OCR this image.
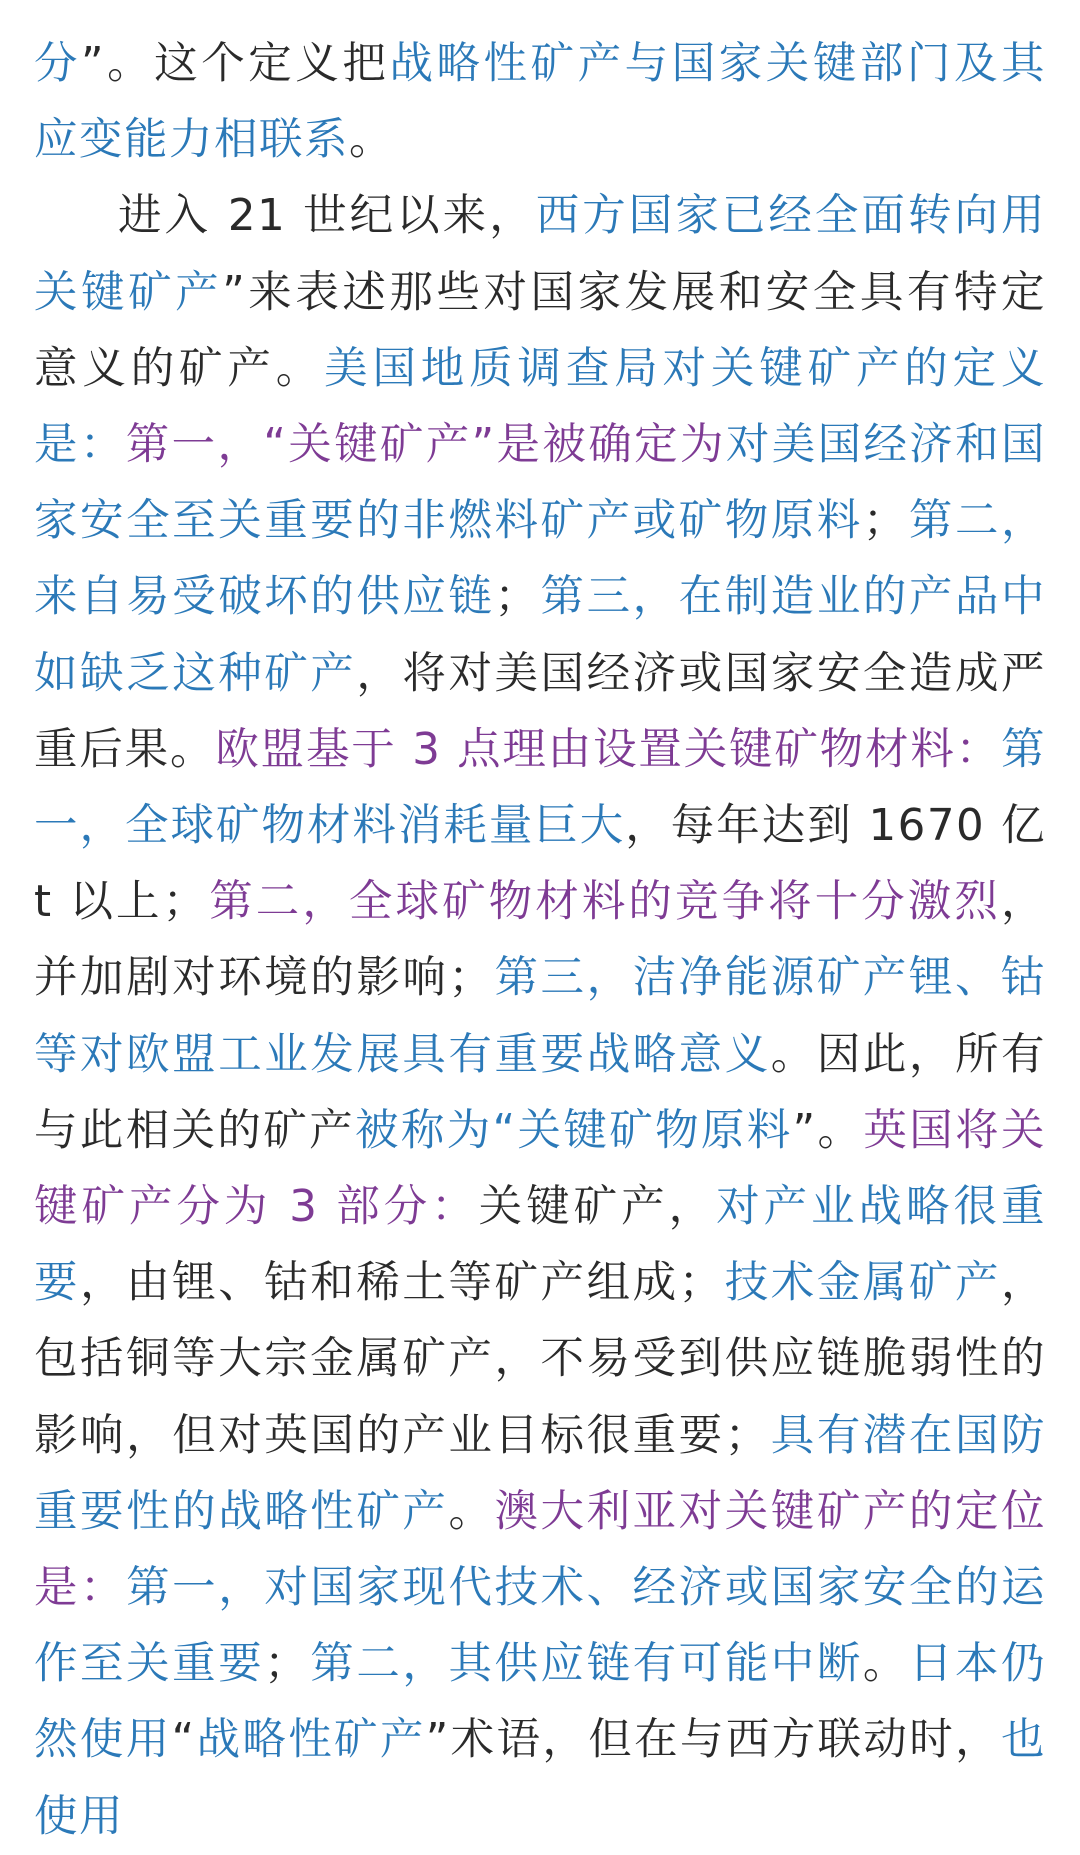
分”。这个定义把战略性矿产与国家关键部门及其应变能力相联系。

进入 21 世纪以来，西方国家已经全面转向用关键矿产”来表述那些对国家发展和安全具有特定意义的矿产。美国地质调查局对关键矿产的定义是：第一，“关键矿产”是被确定为对美国经济和国家安全至关重要的非燃料矿产或矿物原料；第二，来自易受破坏的供应链；第三，在制造业的产品中如缺乏这种矿产，将对美国经济或国家安全造成严重后果。欧盟基于 3 点理由设置关键矿物材料：第一，全球矿物材料消耗量巨大，每年达到 1670 亿 t 以上；第二，全球矿物材料的竞争将十分激烈，并加剧对环境的影响；第三，洁净能源矿产锂、钴等对欧盟工业发展具有重要战略意义。因此，所有与此相关的矿产被称为“关键矿物原料”。英国将关键矿产分为 3 部分：关键矿产，对产业战略很重要，由锂、钴和稀土等矿产组成；技术金属矿产，包括铜等大宗金属矿产，不易受到供应链脆弱性的影响，但对英国的产业目标很重要；具有潜在国防重要性的战略性矿产。澳大利亚对关键矿产的定位是：第一，对国家现代技术、经济或国家安全的运作至关重要；第二，其供应链有可能中断。日本仍然使用“战略性矿产”术语，但在与西方联动时，也使用
